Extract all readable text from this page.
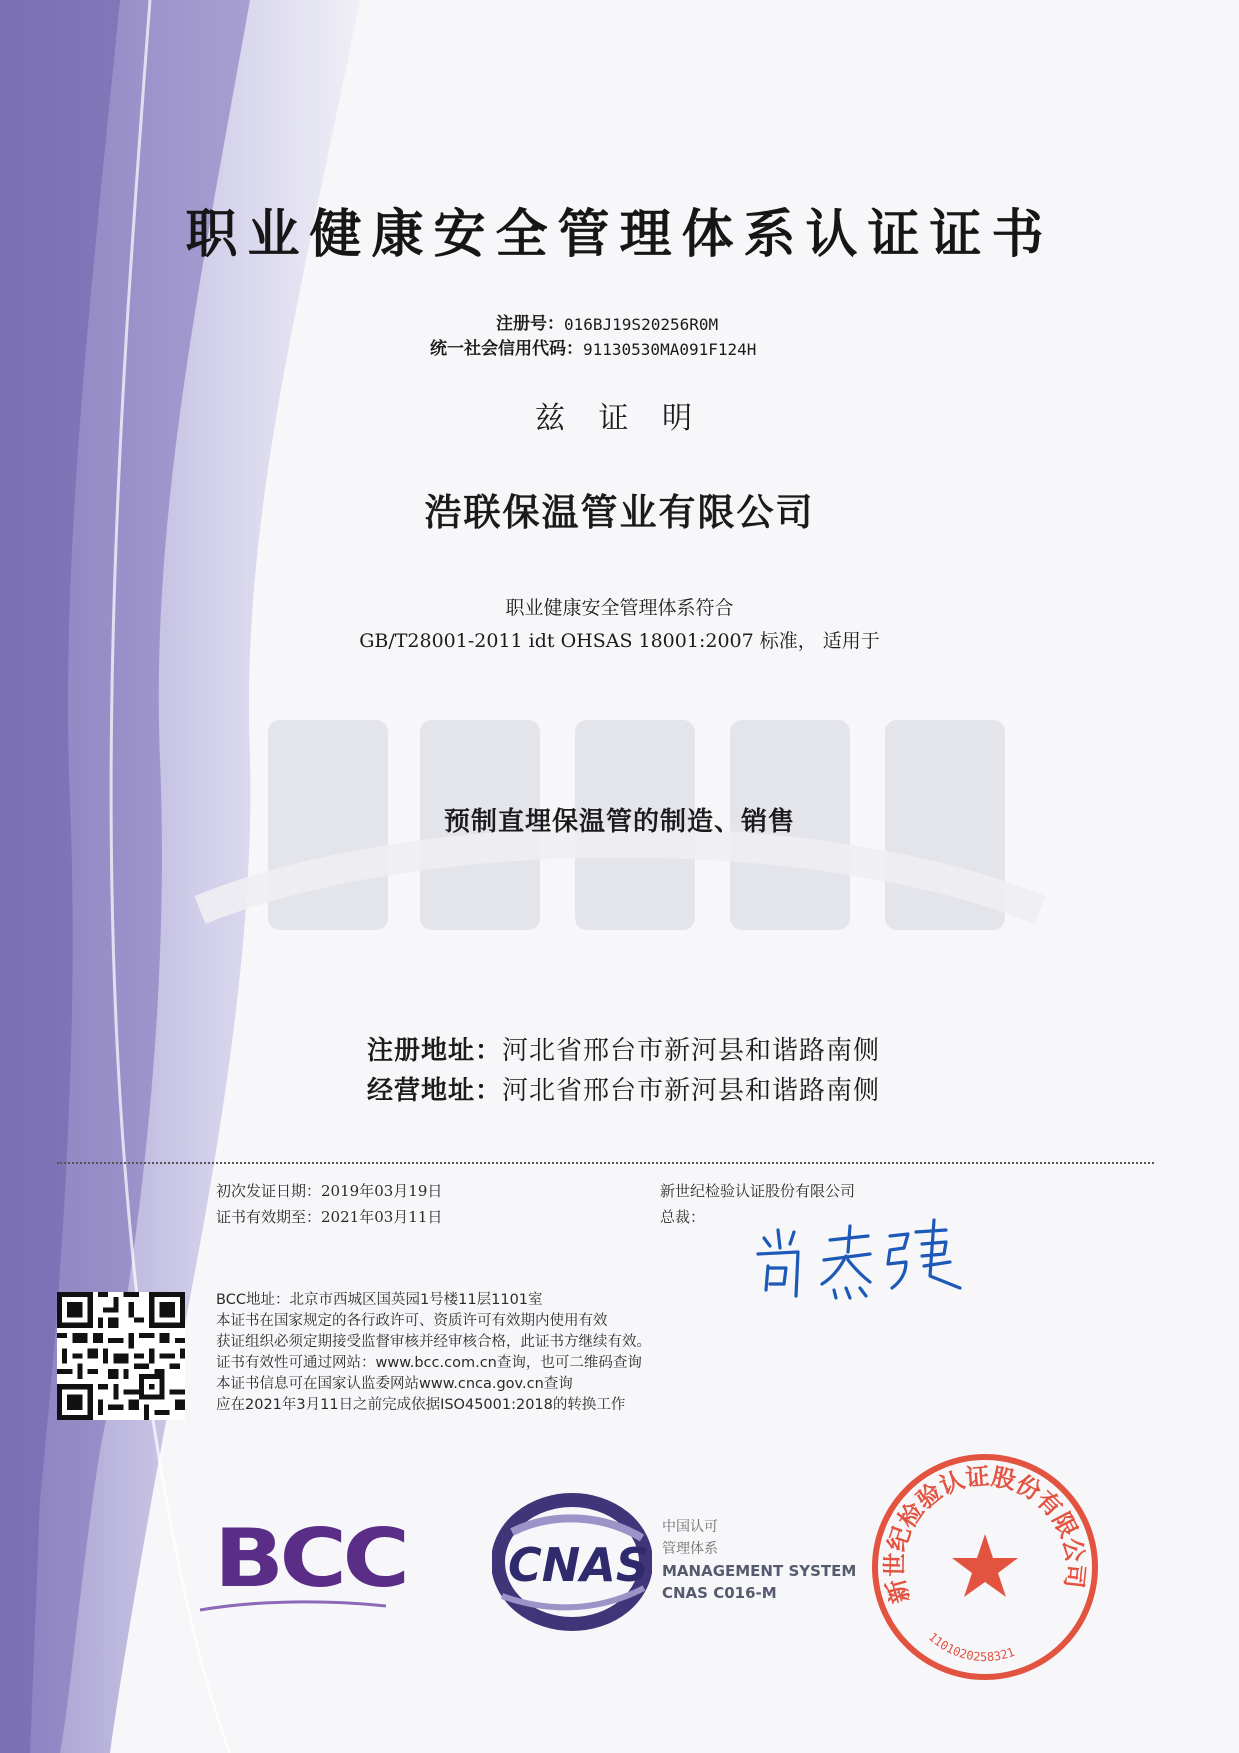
职业健康安全管理体系认证证书
注册号： 016BJ19S20256R0M
统一社会信用代码： 91130530MA091F124H
兹 证 明
浩联保温管业有限公司
职业健康安全管理体系符合
GB/T28001-2011 idt OHSAS 18001:2007 标准， 适用于
预制直埋保温管的制造、销售
注册地址：河北省邢台市新河县和谐路南侧
经营地址：河北省邢台市新河县和谐路南侧
初次发证日期：2019年03月19日
证书有效期至：2021年03月11日
新世纪检验认证股份有限公司
总裁：
BCC地址：北京市西城区国英园1号楼11层1101室
本证书在国家规定的各行政许可、资质许可有效期内使用有效
获证组织必须定期接受监督审核并经审核合格，此证书方继续有效。
证书有效性可通过网站：www.bcc.com.cn查询，也可二维码查询
本证书信息可在国家认监委网站www.cnca.gov.cn查询
应在2021年3月11日之前完成依据ISO45001:2018的转换工作
BCC CNAS
中国认可
管理体系
MANAGEMENT SYSTEM
CNAS C016-M	新世纪检验认证股份有限公司
1101020258321
